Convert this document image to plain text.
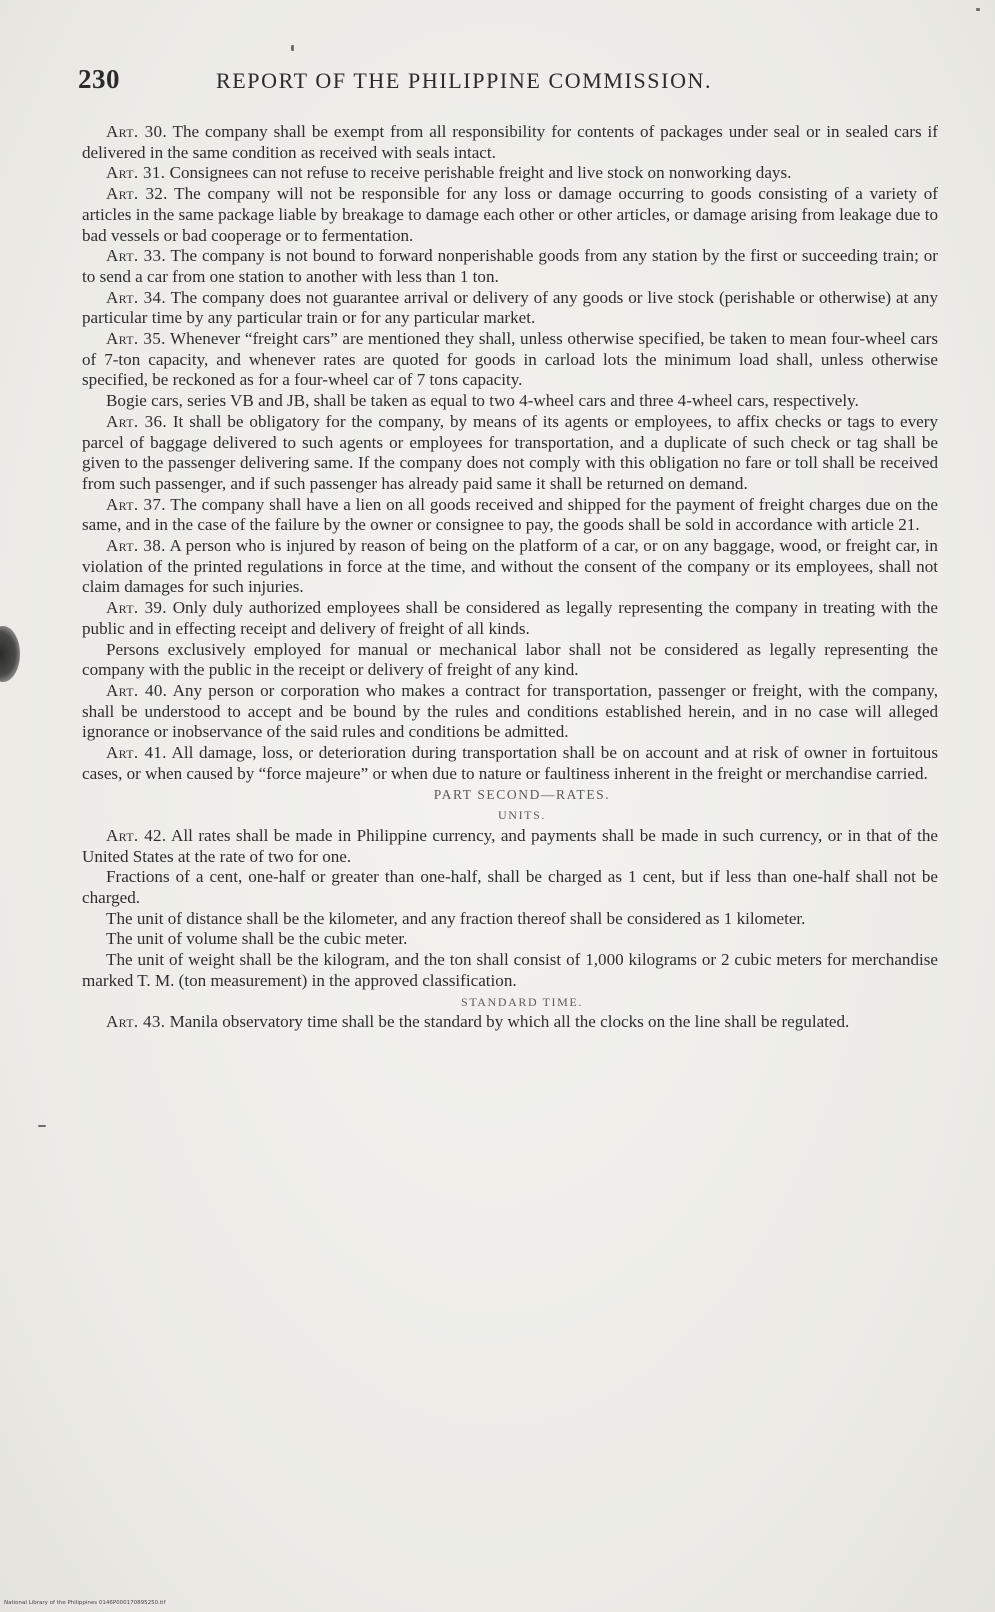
230	REPORT OF THE PHILIPPINE COMMISSION.

Art. 30. The company shall be exempt from all responsibility for contents of packages under seal or in sealed cars if delivered in the same condition as received with seals intact.

Art. 31. Consignees can not refuse to receive perishable freight and live stock on nonworking days.

Art. 32. The company will not be responsible for any loss or damage occurring to goods consisting of a variety of articles in the same package liable by breakage to damage each other or other articles, or damage arising from leakage due to bad vessels or bad cooperage or to fermentation.

Art. 33. The company is not bound to forward nonperishable goods from any station by the first or succeeding train; or to send a car from one station to another with less than 1 ton.

Art. 34. The company does not guarantee arrival or delivery of any goods or live stock (perishable or otherwise) at any particular time by any particular train or for any particular market.

Art. 35. Whenever “freight cars” are mentioned they shall, unless otherwise specified, be taken to mean four-wheel cars of 7-ton capacity, and whenever rates are quoted for goods in carload lots the minimum load shall, unless otherwise specified, be reckoned as for a four-wheel car of 7 tons capacity.

Bogie cars, series VB and JB, shall be taken as equal to two 4-wheel cars and three 4-wheel cars, respectively.

Art. 36. It shall be obligatory for the company, by means of its agents or employees, to affix checks or tags to every parcel of baggage delivered to such agents or employees for transportation, and a duplicate of such check or tag shall be given to the passenger delivering same. If the company does not comply with this obligation no fare or toll shall be received from such passenger, and if such passenger has already paid same it shall be returned on demand.

Art. 37. The company shall have a lien on all goods received and shipped for the payment of freight charges due on the same, and in the case of the failure by the owner or consignee to pay, the goods shall be sold in accordance with article 21.

Art. 38. A person who is injured by reason of being on the platform of a car, or on any baggage, wood, or freight car, in violation of the printed regulations in force at the time, and without the consent of the company or its employees, shall not claim damages for such injuries.

Art. 39. Only duly authorized employees shall be considered as legally representing the company in treating with the public and in effecting receipt and delivery of freight of all kinds.

Persons exclusively employed for manual or mechanical labor shall not be considered as legally representing the company with the public in the receipt or delivery of freight of any kind.

Art. 40. Any person or corporation who makes a contract for transportation, passenger or freight, with the company, shall be understood to accept and be bound by the rules and conditions established herein, and in no case will alleged ignorance or inobservance of the said rules and conditions be admitted.

Art. 41. All damage, loss, or deterioration during transportation shall be on account and at risk of owner in fortuitous cases, or when caused by “force majeure” or when due to nature or faultiness inherent in the freight or merchandise carried.

PART SECOND—RATES.

UNITS.

Art. 42. All rates shall be made in Philippine currency, and payments shall be made in such currency, or in that of the United States at the rate of two for one.

Fractions of a cent, one-half or greater than one-half, shall be charged as 1 cent, but if less than one-half shall not be charged.

The unit of distance shall be the kilometer, and any fraction thereof shall be considered as 1 kilometer.

The unit of volume shall be the cubic meter.

The unit of weight shall be the kilogram, and the ton shall consist of 1,000 kilograms or 2 cubic meters for merchandise marked T. M. (ton measurement) in the approved classification.

STANDARD TIME.

Art. 43. Manila observatory time shall be the standard by which all the clocks on the line shall be regulated.

National Library of the Philippines 0146P000170895250.tif
